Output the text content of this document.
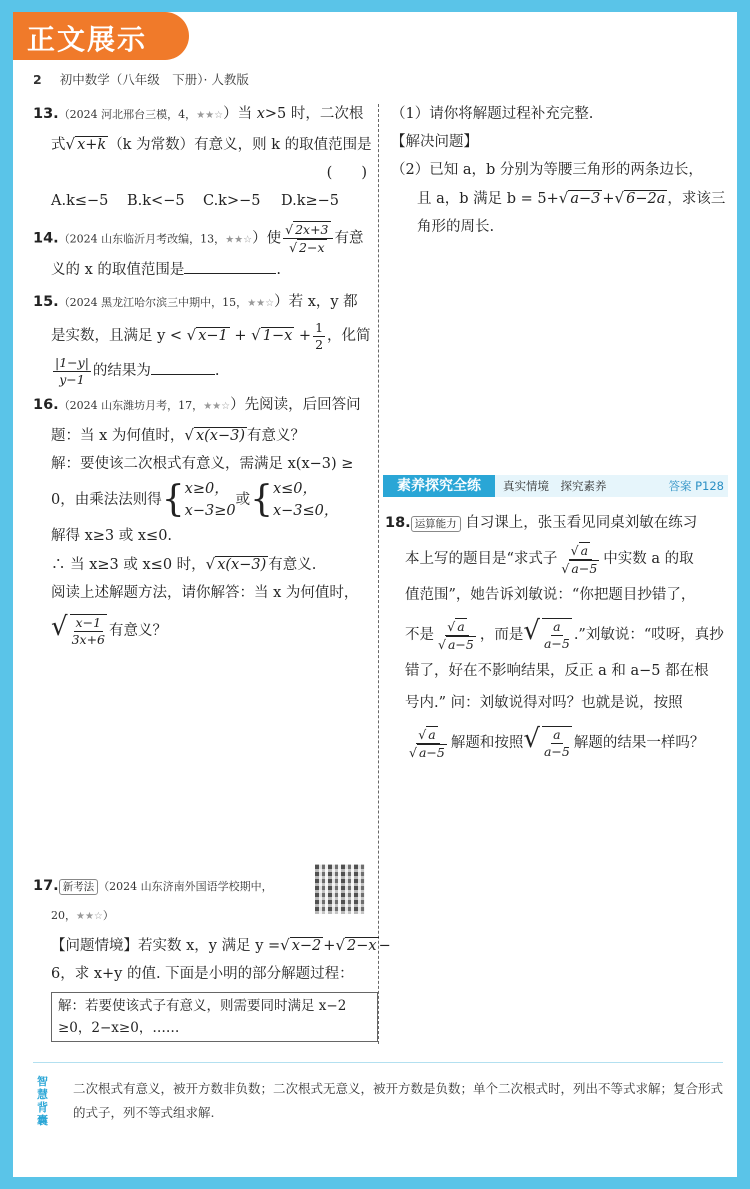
正文展示
2 初中数学（八年级　下册）· 人教版

13.（2024 河北邢台三模，4，★★☆）当 x>5 时，二次根

式√ x+k （k 为常数）有意义，则 k 的取值范围是

(　　)

A.k≤−5 B.k<−5 C.k>−5 D.k≥−5

14.（2024 山东临沂月考改编，13，★★☆）使 $\frac{√ 2x+3}{√ 2-x}$ 有意

义的 x 的取值范围是	.

15.（2024 黑龙江哈尔滨三中期中，15，★★☆）若 x，y 都

是实数，且满足 y < √ x−1 + √ $1-x + \frac{1}{2}$ ，化简

$\frac{|1-y|}{y-1}$ 的结果为	.

16.（2024 山东潍坊月考，17，★★☆）先阅读，后回答问

题：当 x 为何值时，√ x(x−3) 有意义？

解：要使该二次根式有意义，需满足 x(x−3) ≥

0，由乘法法则得{ x≥0，
x−3≥0
或{ x≤0，
x−3≤0，

解得 x≥3 或 x≤0.

∴ 当 x≥3 或 x≤0 时，√ x(x−3) 有意义.

阅读上述解题方法，请你解答：当 x 为何值时，

√ $\frac{x-1}{3x+6}$ 有意义？

17. 新考法 （2024 山东济南外国语学校期中，

20，★★☆）

【问题情境】若实数 x，y 满足 y =√ x−2 +√ 2−x −

6，求 x+y 的值. 下面是小明的部分解题过程：

解：若要使该式子有意义，则需要同时满足 x−2
≥0，2−x≥0，……

（1）请你将解题过程补充完整.

【解决问题】

（2）已知 a，b 分别为等腰三角形的两条边长，

且 a，b 满足 b = 5+√ a−3 +√ 6−2a ，求该三

角形的周长.

素养探究全练	真实情境　探究素养	答案 P128

18. 运算能力 自习课上，张玉看见同桌刘敏在练习

本上写的题目是“求式子 $\frac{√ a}{√ a-5}$ 中实数 a 的取

值范围”，她告诉刘敏说：“你把题目抄错了，

不是 $\frac{√ a}{√ a-5}$ ，而是√ $\frac{a}{a-5}$ .”刘敏说：“哎呀，真抄

错了，好在不影响结果，反正 a 和 a−5 都在根

号内.” 问：刘敏说得对吗？也就是说，按照

$\frac{√ a}{√ a-5}$ 解题和按照√ $\frac{a}{a-5}$ 解题的结果一样吗？

智慧背囊
二次根式有意义，被开方数非负数；二次根式无意义，被开方数是负数；单个二次根式时，列出不等式求解；复合形式的式子，列不等式组求解.
